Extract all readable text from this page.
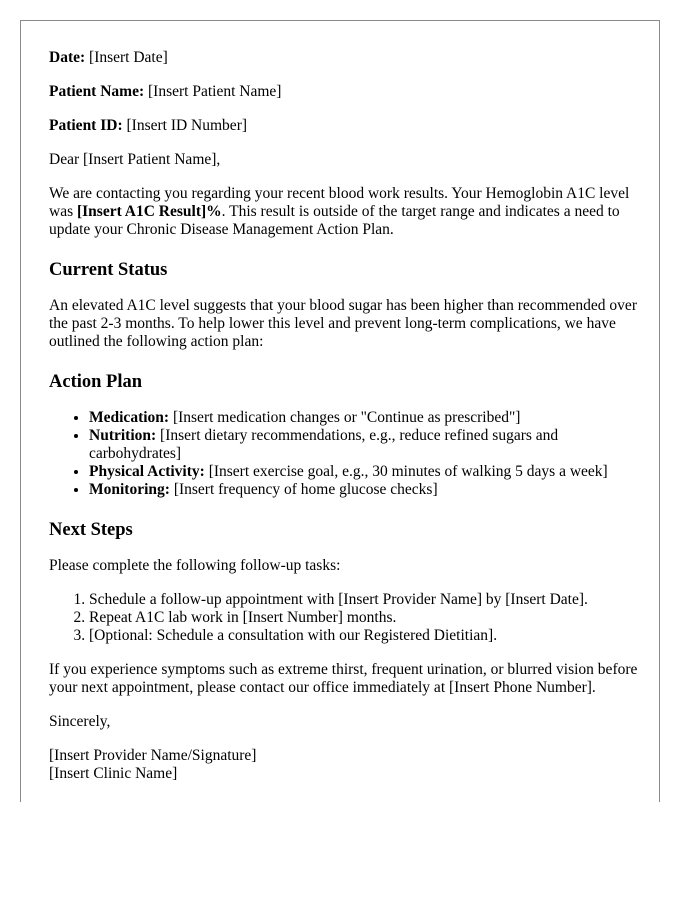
Date: [Insert Date]

Patient Name: [Insert Patient Name]

Patient ID: [Insert ID Number]

Dear [Insert Patient Name],

We are contacting you regarding your recent blood work results. Your Hemoglobin A1C level was [Insert A1C Result]%. This result is outside of the target range and indicates a need to update your Chronic Disease Management Action Plan.

Current Status

An elevated A1C level suggests that your blood sugar has been higher than recommended over the past 2-3 months. To help lower this level and prevent long-term complications, we have outlined the following action plan:

Action Plan
• Medication: [Insert medication changes or "Continue as prescribed"]
• Nutrition: [Insert dietary recommendations, e.g., reduce refined sugars and carbohydrates]
• Physical Activity: [Insert exercise goal, e.g., 30 minutes of walking 5 days a week]
• Monitoring: [Insert frequency of home glucose checks]
Next Steps

Please complete the following follow-up tasks:

1. Schedule a follow-up appointment with [Insert Provider Name] by [Insert Date].
2. Repeat A1C lab work in [Insert Number] months.
3. [Optional: Schedule a consultation with our Registered Dietitian].

If you experience symptoms such as extreme thirst, frequent urination, or blurred vision before your next appointment, please contact our office immediately at [Insert Phone Number].

Sincerely,

[Insert Provider Name/Signature]
[Insert Clinic Name]
